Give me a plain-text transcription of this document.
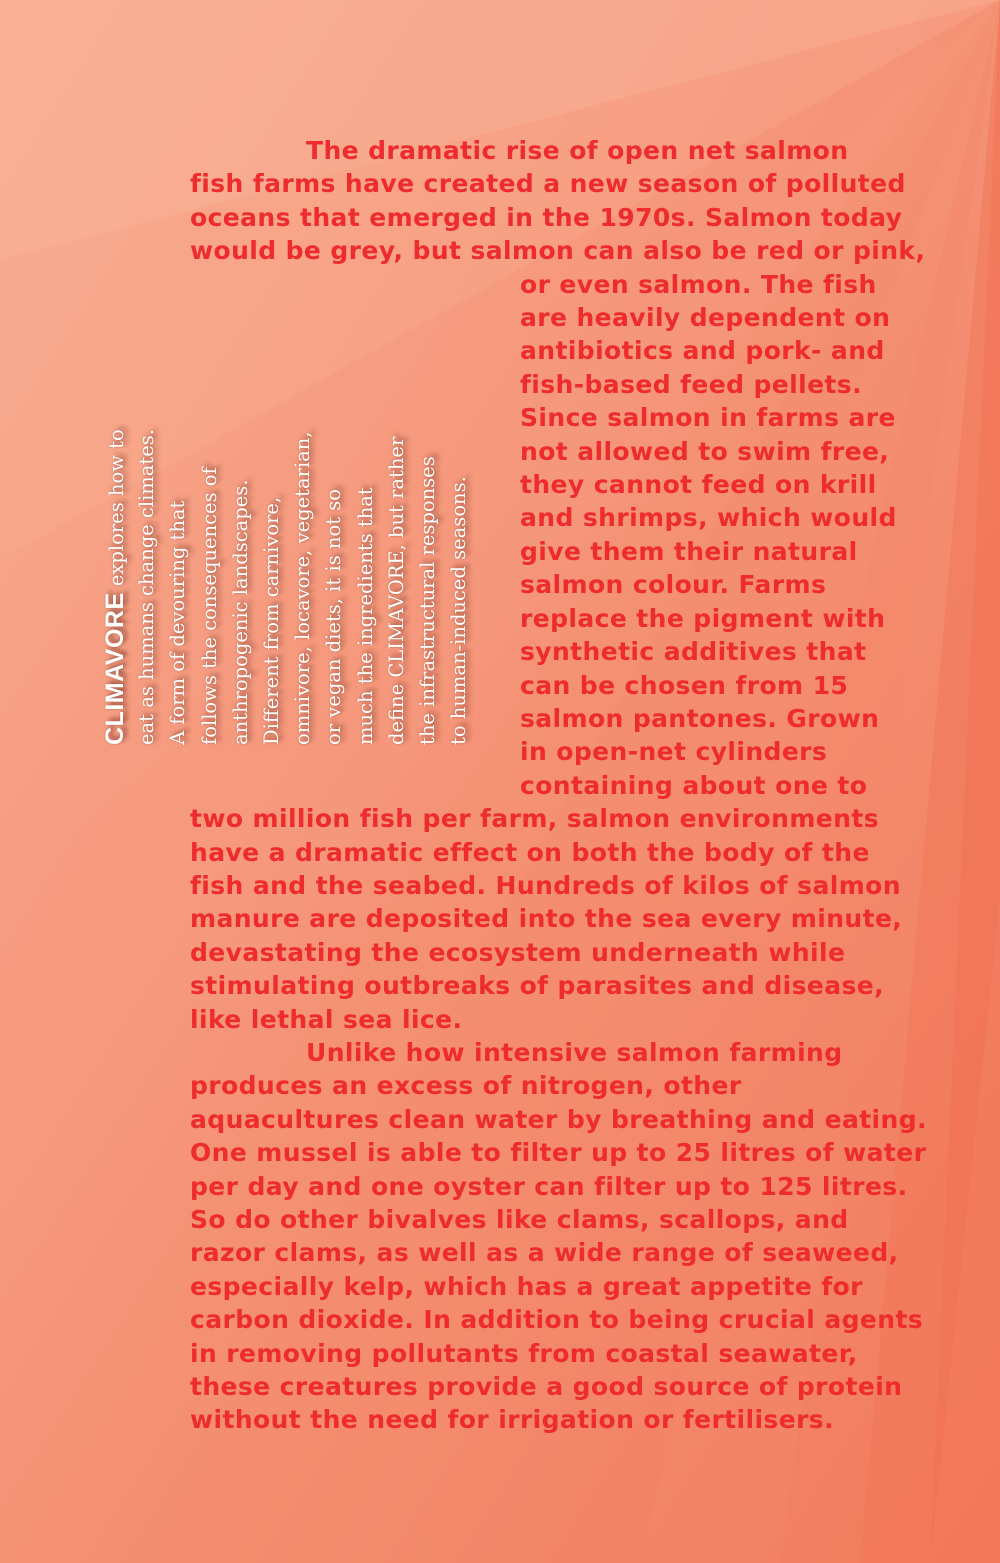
CLIMAVORE explores how to eat as humans change climates. A form of devouring that follows the consequences of anthropogenic landscapes. Different from carnivore, omnivore, locavore, vegetarian, or vegan diets, it is not so much the ingredients that define CLIMAVORE, but rather the infrastructural responses to human-induced seasons.
The dramatic rise of open net salmon
fish farms have created a new season of polluted
oceans that emerged in the 1970s. Salmon today
would be grey, but salmon can also be red or pink,
or even salmon. The fish
are heavily dependent on
antibiotics and pork- and
fish-based feed pellets.
Since salmon in farms are
not allowed to swim free,
they cannot feed on krill
and shrimps, which would
give them their natural
salmon colour. Farms
replace the pigment with
synthetic additives that
can be chosen from 15
salmon pantones. Grown
in open-net cylinders
containing about one to
two million fish per farm, salmon environments
have a dramatic effect on both the body of the
fish and the seabed. Hundreds of kilos of salmon
manure are deposited into the sea every minute,
devastating the ecosystem underneath while
stimulating outbreaks of parasites and disease,
like lethal sea lice.
Unlike how intensive salmon farming
produces an excess of nitrogen, other
aquacultures clean water by breathing and eating.
One mussel is able to filter up to 25 litres of water
per day and one oyster can filter up to 125 litres.
So do other bivalves like clams, scallops, and
razor clams, as well as a wide range of seaweed,
especially kelp, which has a great appetite for
carbon dioxide. In addition to being crucial agents
in removing pollutants from coastal seawater,
these creatures provide a good source of protein
without the need for irrigation or fertilisers.
